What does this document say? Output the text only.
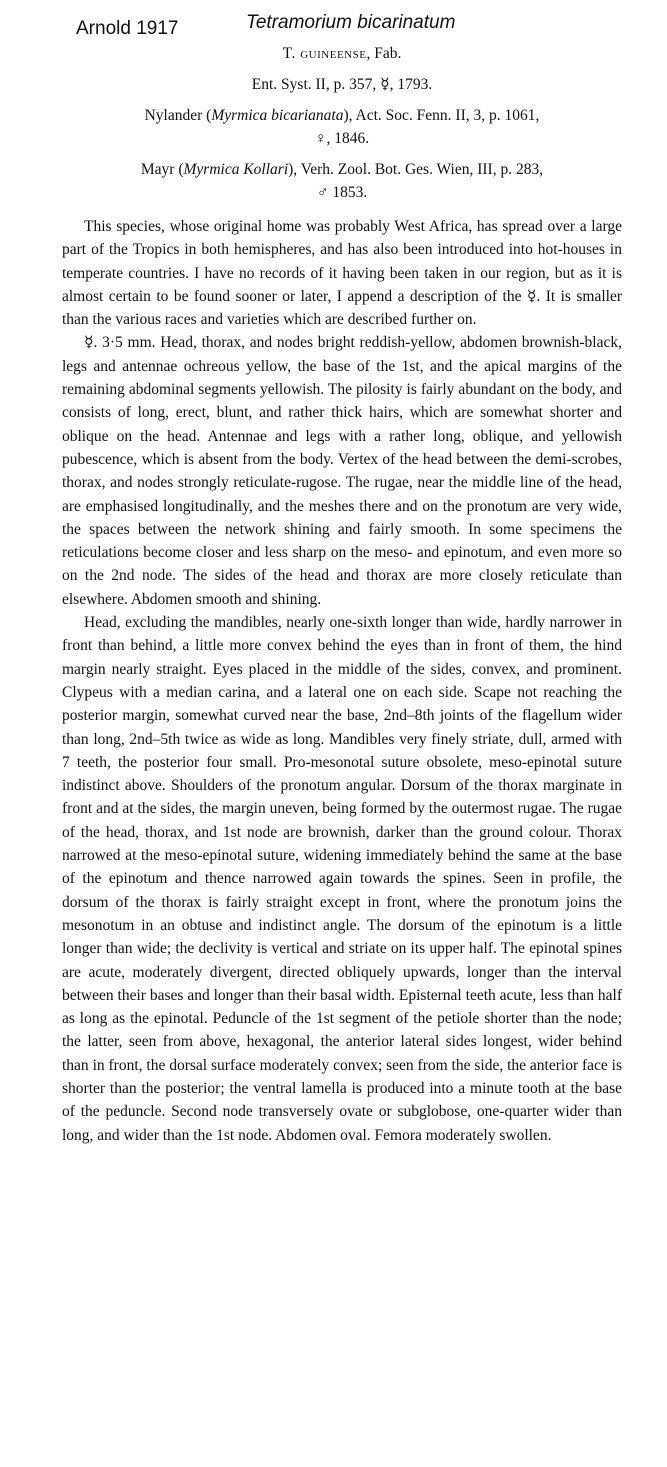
Arnold 1917	Tetramorium bicarinatum
T. guineense, Fab.
Ent. Syst. II, p. 357, ☿, 1793.
Nylander (Myrmica bicarianata), Act. Soc. Fenn. II, 3, p. 1061,
♀, 1846.
Mayr (Myrmica Kollari), Verh. Zool. Bot. Ges. Wien, III, p. 283,
♂ 1853.

This species, whose original home was probably West Africa, has spread over a large part of the Tropics in both hemispheres, and has also been introduced into hot-houses in temperate countries. I have no records of it having been taken in our region, but as it is almost certain to be found sooner or later, I append a description of the ☿. It is smaller than the various races and varieties which are described further on.

☿. 3·5 mm. Head, thorax, and nodes bright reddish-yellow, abdomen brownish-black, legs and antennae ochreous yellow, the base of the 1st, and the apical margins of the remaining abdominal segments yellowish. The pilosity is fairly abundant on the body, and consists of long, erect, blunt, and rather thick hairs, which are somewhat shorter and oblique on the head. Antennae and legs with a rather long, oblique, and yellowish pubescence, which is absent from the body. Vertex of the head between the demi-scrobes, thorax, and nodes strongly reticulate-rugose. The rugae, near the middle line of the head, are emphasised longitudinally, and the meshes there and on the pronotum are very wide, the spaces between the network shining and fairly smooth. In some specimens the reticulations become closer and less sharp on the meso- and epinotum, and even more so on the 2nd node. The sides of the head and thorax are more closely reticulate than elsewhere. Abdomen smooth and shining.

Head, excluding the mandibles, nearly one-sixth longer than wide, hardly narrower in front than behind, a little more convex behind the eyes than in front of them, the hind margin nearly straight. Eyes placed in the middle of the sides, convex, and prominent. Clypeus with a median carina, and a lateral one on each side. Scape not reaching the posterior margin, somewhat curved near the base, 2nd–8th joints of the flagellum wider than long, 2nd–5th twice as wide as long. Mandibles very finely striate, dull, armed with 7 teeth, the posterior four small. Pro-mesonotal suture obsolete, meso-epinotal suture indistinct above. Shoulders of the pronotum angular. Dorsum of the thorax marginate in front and at the sides, the margin uneven, being formed by the outermost rugae. The rugae of the head, thorax, and 1st node are brownish, darker than the ground colour. Thorax narrowed at the meso-epinotal suture, widening immediately behind the same at the base of the epinotum and thence narrowed again towards the spines. Seen in profile, the dorsum of the thorax is fairly straight except in front, where the pronotum joins the mesonotum in an obtuse and indistinct angle. The dorsum of the epinotum is a little longer than wide; the declivity is vertical and striate on its upper half. The epinotal spines are acute, moderately divergent, directed obliquely upwards, longer than the interval between their bases and longer than their basal width. Episternal teeth acute, less than half as long as the epinotal. Peduncle of the 1st segment of the petiole shorter than the node; the latter, seen from above, hexagonal, the anterior lateral sides longest, wider behind than in front, the dorsal surface moderately convex; seen from the side, the anterior face is shorter than the posterior; the ventral lamella is produced into a minute tooth at the base of the peduncle. Second node transversely ovate or subglobose, one-quarter wider than long, and wider than the 1st node. Abdomen oval. Femora moderately swollen.
